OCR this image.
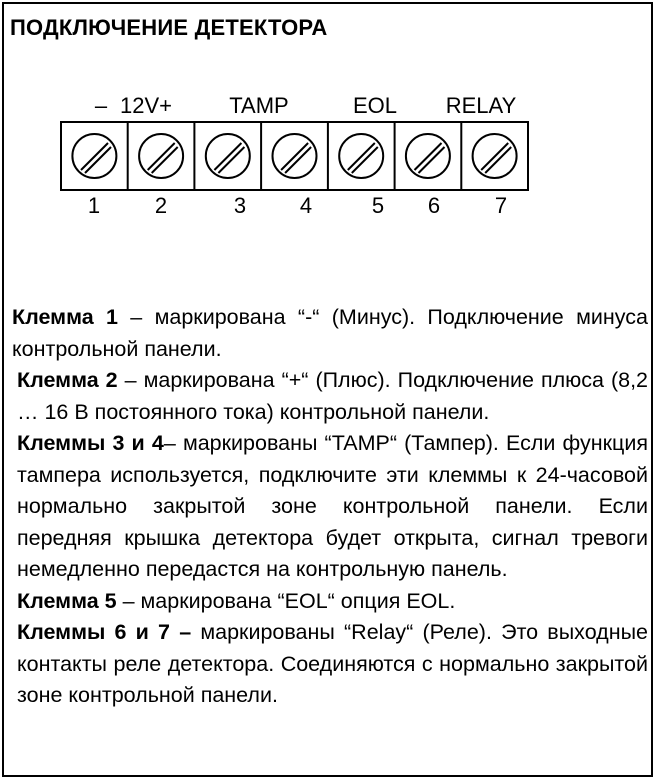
ПОДКЛЮЧЕНИЕ ДЕТЕКТОРА
– 12V+	TAMP	EOL RELAY
1 2	3 4	5 6 7

Клемма 1 – маркирована “-“ (Минус). Подключение минуса контрольной панели.

Клемма 2 – маркирована “+“ (Плюс). Подключение плюса (8,2 … 16 В постоянного тока) контрольной панели.

Клеммы 3 и 4– маркированы “TAMP“ (Тампер). Если функция тампера используется, подключите эти клеммы к 24-часовой нормально закрытой зоне контрольной панели. Если передняя крышка детектора будет открыта, сигнал тревоги немедленно передастся на контрольную панель.

Клемма 5 – маркирована “EOL“ опция EOL.

Клеммы 6 и 7 – маркированы “Relay“ (Реле). Это выходные контакты реле детектора. Соединяются с нормально закрытой зоне контрольной панели.
